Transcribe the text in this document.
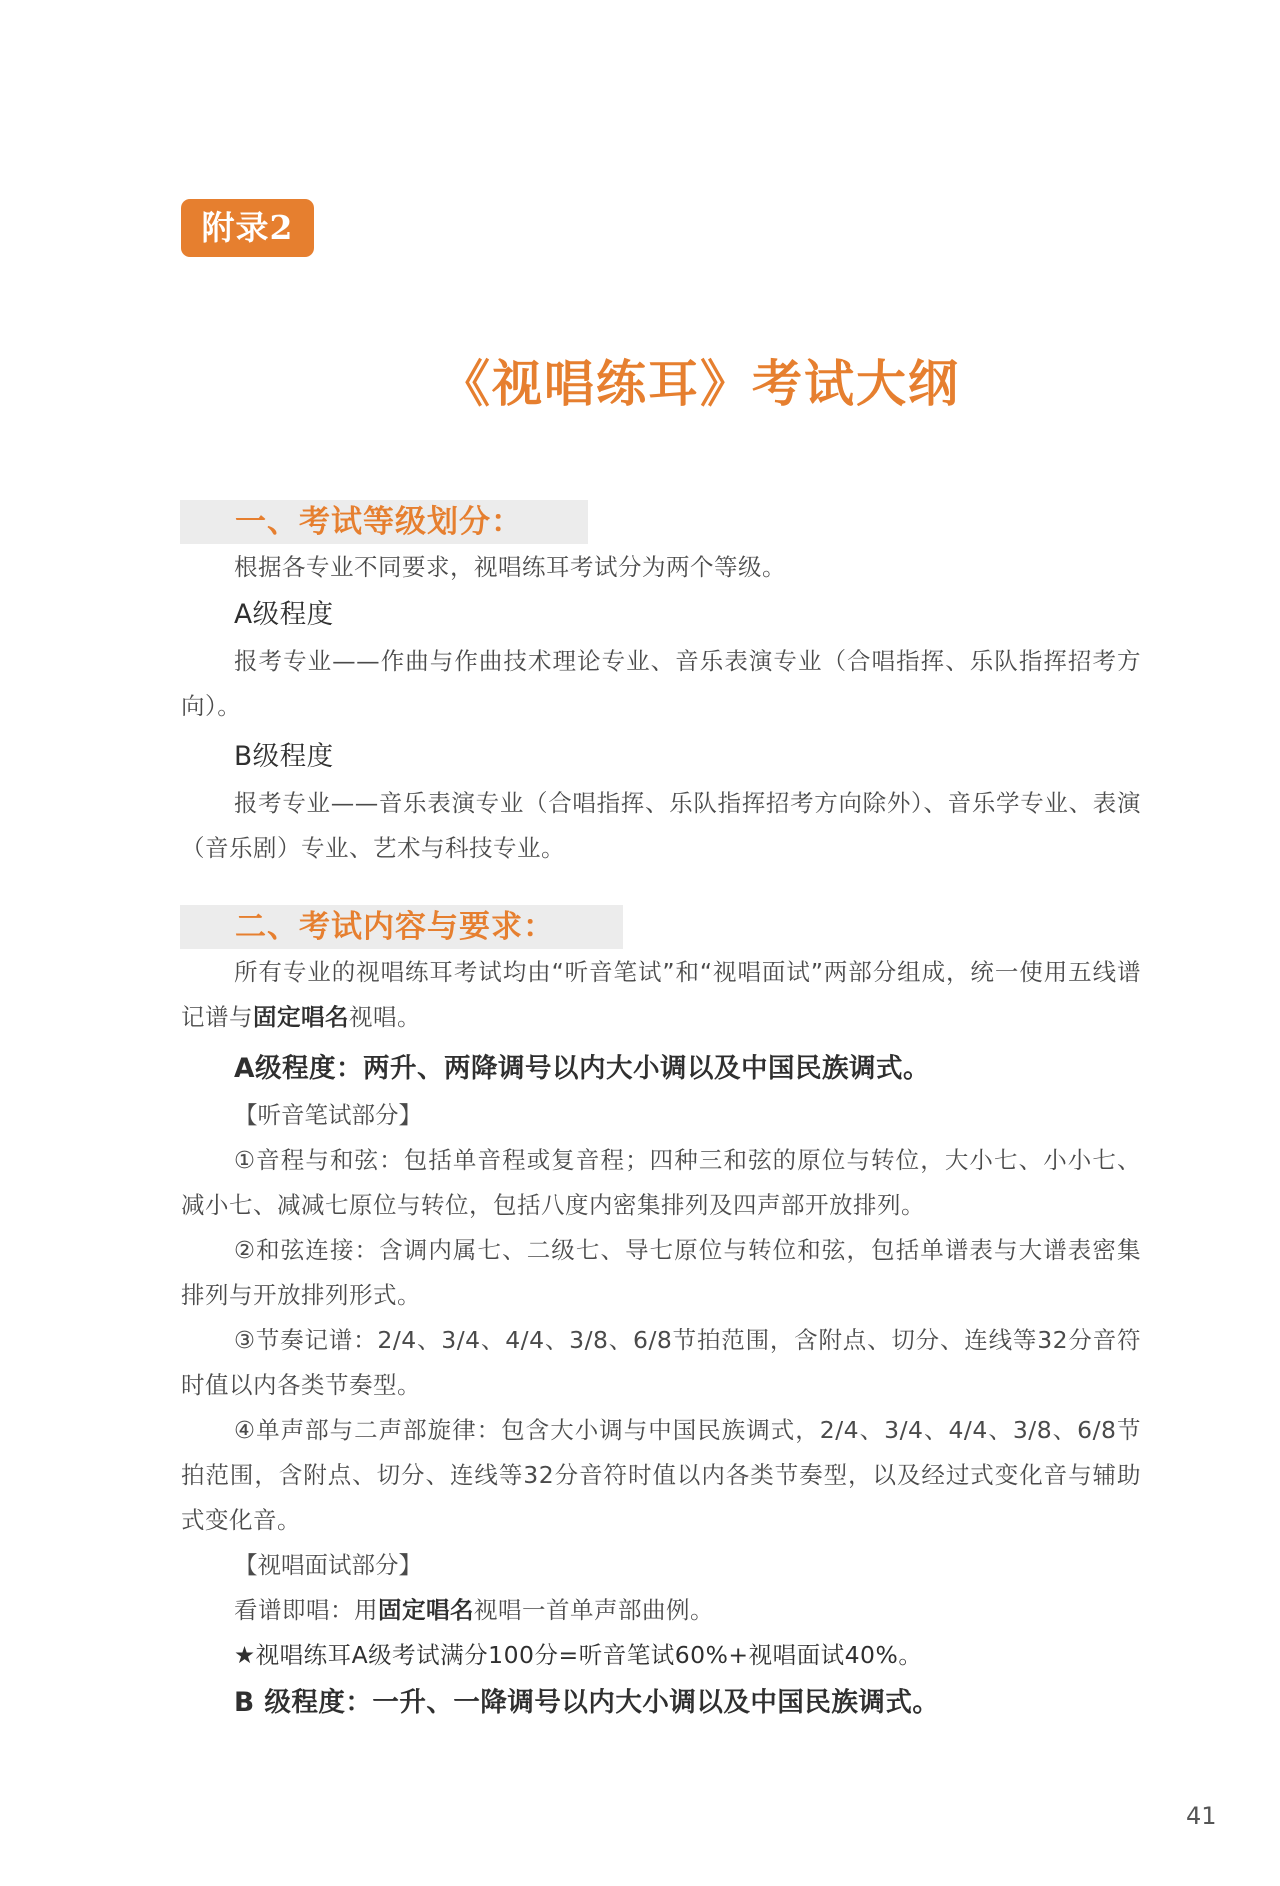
附录2
《视唱练耳》考试大纲
一、考试等级划分：
根据各专业不同要求，视唱练耳考试分为两个等级。
A级程度
报考专业——作曲与作曲技术理论专业、音乐表演专业（合唱指挥、乐队指挥招考方向）。
B级程度
报考专业——音乐表演专业（合唱指挥、乐队指挥招考方向除外）、音乐学专业、表演（音乐剧）专业、艺术与科技专业。
二、考试内容与要求：
所有专业的视唱练耳考试均由“听音笔试”和“视唱面试”两部分组成，统一使用五线谱记谱与固定唱名视唱。
A级程度：两升、两降调号以内大小调以及中国民族调式。
【听音笔试部分】
①音程与和弦：包括单音程或复音程；四种三和弦的原位与转位，大小七、小小七、减小七、减减七原位与转位，包括八度内密集排列及四声部开放排列。
②和弦连接：含调内属七、二级七、导七原位与转位和弦，包括单谱表与大谱表密集排列与开放排列形式。
③节奏记谱：2/4、3/4、4/4、3/8、6/8节拍范围，含附点、切分、连线等32分音符时值以内各类节奏型。
④单声部与二声部旋律：包含大小调与中国民族调式，2/4、3/4、4/4、3/8、6/8节拍范围，含附点、切分、连线等32分音符时值以内各类节奏型，以及经过式变化音与辅助式变化音。
【视唱面试部分】
看谱即唱：用固定唱名视唱一首单声部曲例。
★视唱练耳A级考试满分100分=听音笔试60%+视唱面试40%。
B 级程度：一升、一降调号以内大小调以及中国民族调式。
41
